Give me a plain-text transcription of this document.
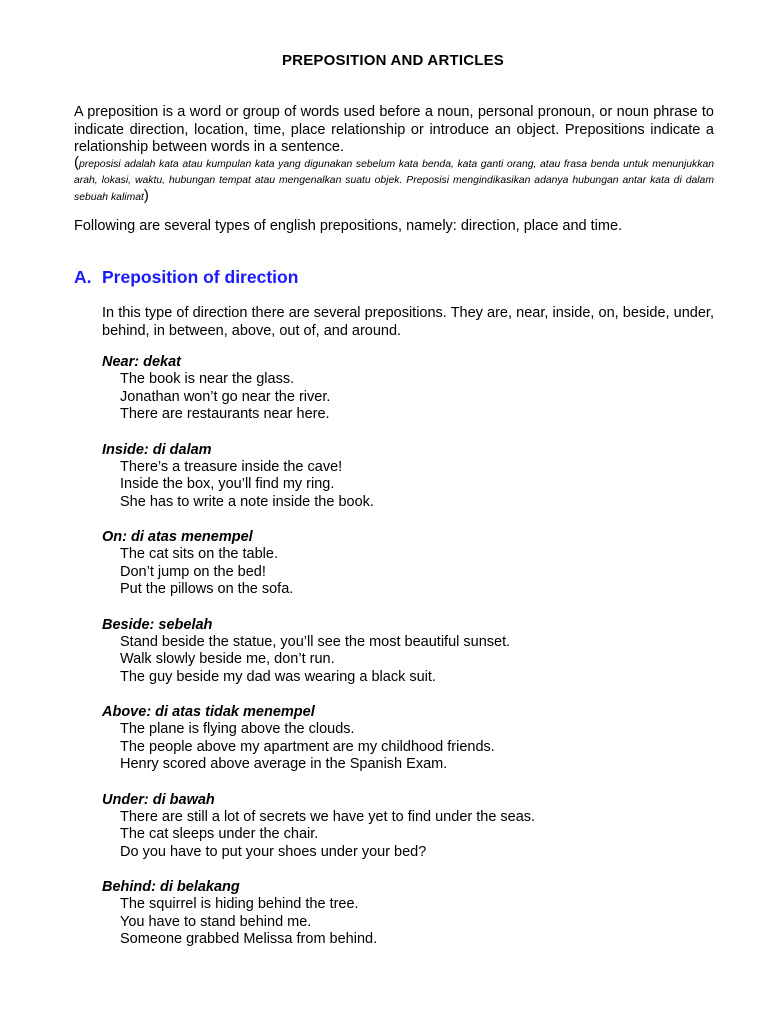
PREPOSITION AND ARTICLES
A preposition is a word or group of words used before a noun, personal pronoun, or noun phrase to indicate direction, location, time, place relationship or introduce an object. Prepositions indicate a relationship between words in a sentence.
(preposisi adalah kata atau kumpulan kata yang digunakan sebelum kata benda, kata ganti orang, atau frasa benda untuk menunjukkan arah, lokasi, waktu, hubungan tempat atau mengenalkan suatu objek. Preposisi mengindikasikan adanya hubungan antar kata di dalam sebuah kalimat)
Following are several types of english prepositions, namely: direction, place and time.
A. Preposition of direction
In this type of direction there are several prepositions. They are, near, inside, on, beside, under, behind, in between, above, out of, and around.
Near: dekat
The book is near the glass.
Jonathan won’t go near the river.
There are restaurants near here.
Inside: di dalam
There’s a treasure inside the cave!
Inside the box, you’ll find my ring.
She has to write a note inside the book.
On: di atas menempel
The cat sits on the table.
Don’t jump on the bed!
Put the pillows on the sofa.
Beside: sebelah
Stand beside the statue, you’ll see the most beautiful sunset.
Walk slowly beside me, don’t run.
The guy beside my dad was wearing a black suit.
Above: di atas tidak menempel
The plane is flying above the clouds.
The people above my apartment are my childhood friends.
Henry scored above average in the Spanish Exam.
Under: di bawah
There are still a lot of secrets we have yet to find under the seas.
The cat sleeps under the chair.
Do you have to put your shoes under your bed?
Behind: di belakang
The squirrel is hiding behind the tree.
You have to stand behind me.
Someone grabbed Melissa from behind.
